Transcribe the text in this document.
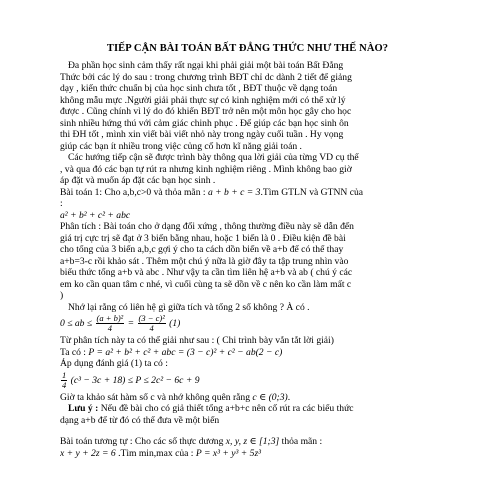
TIẾP CẬN BÀI TOÁN BẤT ĐẲNG THỨC NHƯ THẾ NÀO?
Đa phần học sinh cảm thấy rất ngại khi phải giải một bài toán Bất Đẳng
Thức bởi các lý do sau : trong chương trình BĐT chỉ dc dành 2 tiết để giảng
dạy , kiến thức chuẩn bị của học sinh chưa tốt , BĐT thuộc về dạng toán
không mẫu mực .Người giải phải thực sự có kinh nghiệm mới có thể xử lý
được . Cũng chính vì lý do đó khiến BĐT trở nên một môn học gây cho học
sinh nhiều hứng thú với cảm giác chinh phục . Để giúp các bạn học sinh ôn
thi ĐH tốt , mình xin viết bài viết nhỏ này trong ngày cuối tuần . Hy vọng
giúp các bạn ít nhiều trong việc củng cố hơn kĩ năng giải toán .
Các hướng tiếp cận sẽ được trình bày thông qua lời giải của từng VD cụ thể
, và qua đó các bạn tự rút ra nhưng kinh nghiệm riêng . Mình không bao giờ
áp đặt và muốn áp đặt các bạn học sinh .
Bài toán 1: Cho a,b,c>0 và thỏa mãn : a + b + c = 3.Tìm GTLN và GTNN của
:
a² + b² + c² + abc
Phân tích : Bài toán cho ở dạng đối xứng , thông thường điều này sẽ dẫn đến
giá trị cực trị sẽ đạt ở 3 biến bằng nhau, hoặc 1 biến là 0 . Điều kiện đề bài
cho tổng của 3 biến a,b,c gợi ý cho ta cách dồn biến về a+b để có thể thay
a+b=3-c rồi khảo sát . Thêm một chú ý nữa là giờ đây ta tập trung nhìn vào
biểu thức tổng a+b và abc . Như vậy ta cần tìm liên hệ a+b và ab ( chú ý các
em ko cần quan tâm c nhé, vì cuối cùng ta sẽ dồn về c nên ko cần làm mất c
)
Nhớ lại rằng có liên hệ gì giữa tích và tổng 2 số không ? À có .
0 ≤ ab ≤ $\frac{\text{(a + b)²}}{4} = \frac{\text{(3 − c)²}}{4} (1)$
Từ phân tích này ta có thể giải như sau : ( Chi trình bày vắn tắt lời giải)
Ta có : P = a² + b² + c² + abc = (3 − c)² + c² − ab(2 − c)
Áp dụng đánh giá (1) ta có :
$\frac{1}{4} (c^3 - 3c + 18) \le P \le 2c^2 - 6c + 9$
Giờ ta khảo sát hàm số c và nhớ không quên rằng c ∈ (0;3).
Lưu ý : Nếu đề bài cho có giả thiết tổng a+b+c nên cố rút ra các biểu thức
dạng a+b để từ đó có thể đưa về một biến
Bài toán tương tự : Cho các số thực dương x, y, z ∈ [1;3] thỏa mãn :
x + y + 2z = 6 .Tìm min,max của : P = x³ + y³ + 5z³
